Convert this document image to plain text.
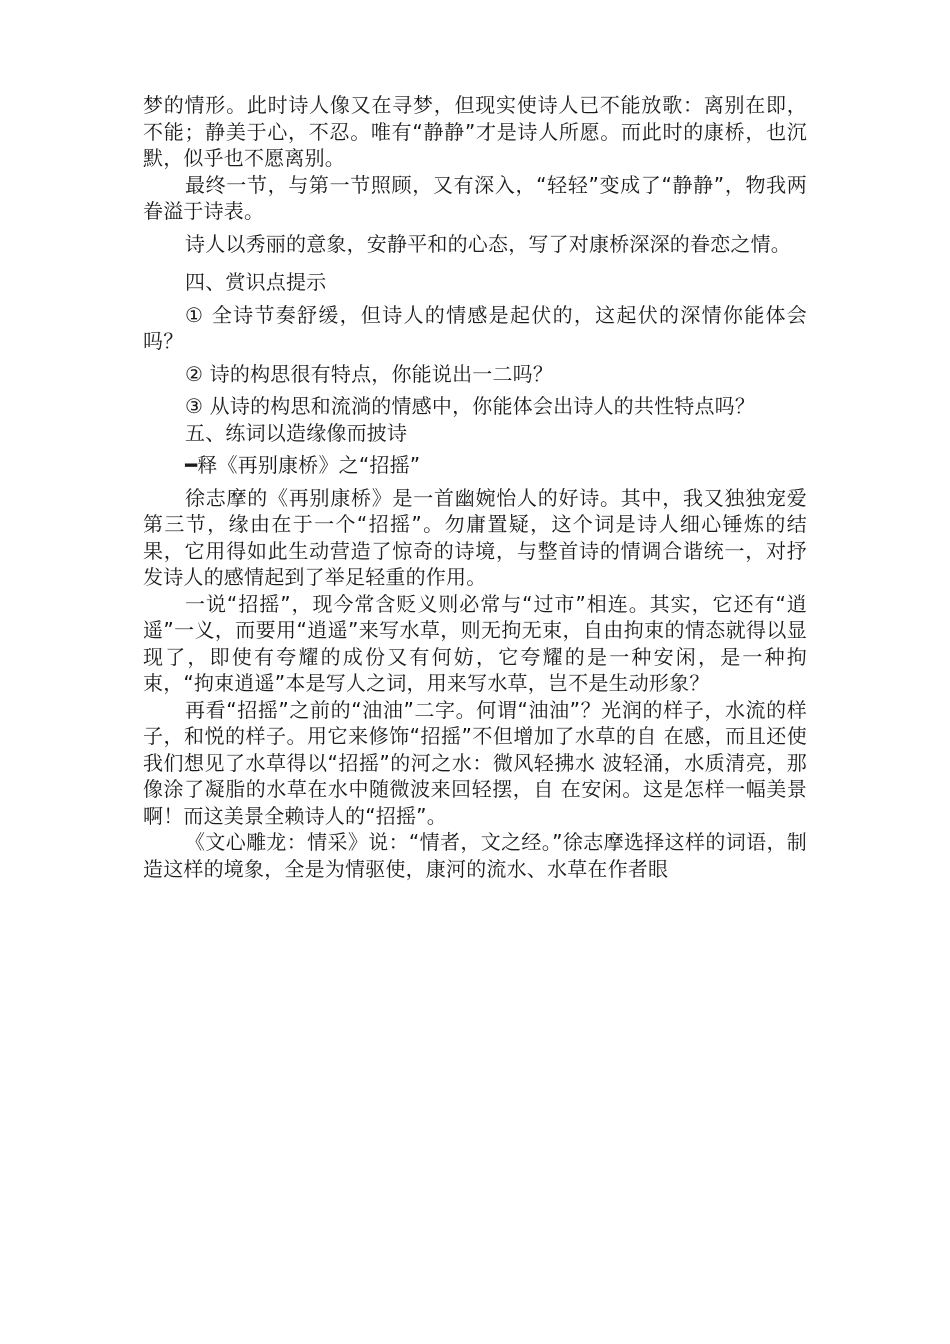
梦的情形。此时诗人像又在寻梦，但现实使诗人已不能放歌：离别在即，不能；静美于心，不忍。唯有“静静”才是诗人所愿。而此时的康桥，也沉默，似乎也不愿离别。

最终一节，与第一节照顾，又有深入，“轻轻”变成了“静静”，物我两眷溢于诗表。

诗人以秀丽的意象，安静平和的心态，写了对康桥深深的眷恋之情。

四、赏识点提示

① 全诗节奏舒缓，但诗人的情感是起伏的，这起伏的深情你能体会吗？

② 诗的构思很有特点，你能说出一二吗？

③ 从诗的构思和流淌的情感中，你能体会出诗人的共性特点吗？

五、练词以造缘像而披诗

━释《再别康桥》之“招摇”

徐志摩的《再别康桥》是一首幽婉怡人的好诗。其中，我又独独宠爱第三节，缘由在于一个“招摇”。勿庸置疑，这个词是诗人细心锤炼的结果，它用得如此生动营造了惊奇的诗境，与整首诗的情调合谐统一，对抒发诗人的感情起到了举足轻重的作用。

一说“招摇”，现今常含贬义则必常与“过市”相连。其实，它还有“逍遥”一义，而要用“逍遥”来写水草，则无拘无束，自由拘束的情态就得以显现了，即使有夸耀的成份又有何妨，它夸耀的是一种安闲，是一种拘束，“拘束逍遥”本是写人之词，用来写水草，岂不是生动形象？

再看“招摇”之前的“油油”二字。何谓“油油”？光润的样子，水流的样子，和悦的样子。用它来修饰“招摇”不但增加了水草的自 在感，而且还使我们想见了水草得以“招摇”的河之水：微风轻拂水 波轻涌，水质清亮，那像涂了凝脂的水草在水中随微波来回轻摆，自 在安闲。这是怎样一幅美景啊！而这美景全赖诗人的“招摇”。

《文心雕龙：情采》说：“情者，文之经。”徐志摩选择这样的词语，制造这样的境象，全是为情驱使，康河的流水、水草在作者眼
